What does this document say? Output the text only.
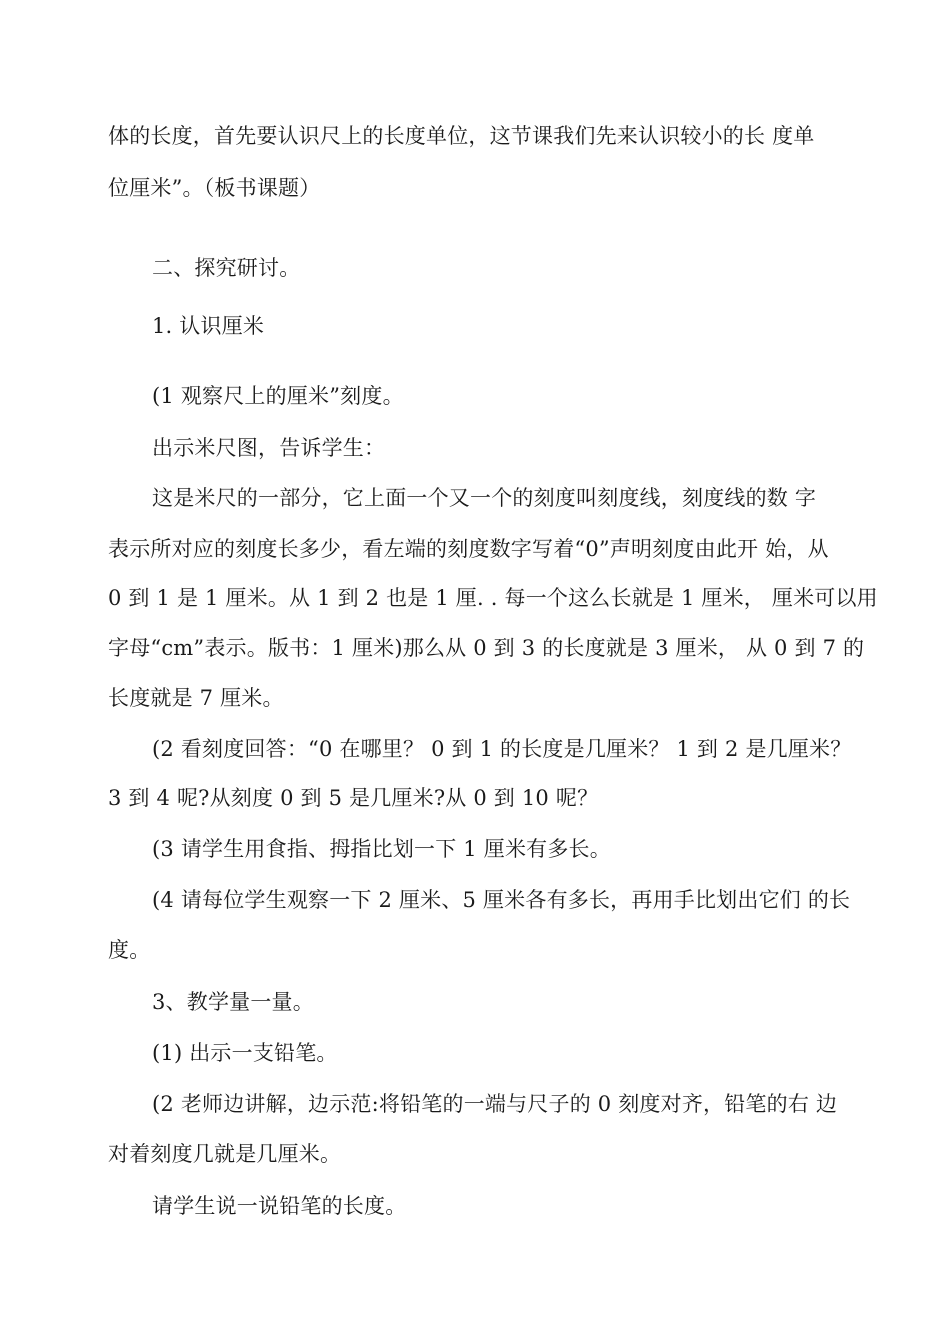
体的长度，首先要认识尺上的长度单位，这节课我们先来认识较小的长 度单
位厘米”。（板书课题）
二、探究研讨。
1. 认识厘米
(1 观察尺上的厘米”刻度。
出示米尺图，告诉学生：
这是米尺的一部分，它上面一个又一个的刻度叫刻度线，刻度线的数 字
表示所对应的刻度长多少，看左端的刻度数字写着“0”声明刻度由此开 始，从
0 到 1 是 1 厘米。从 1 到 2 也是 1 厘. . 每一个这么长就是 1 厘米， 厘米可以用
字母“cm”表示。版书：1 厘米)那么从 0 到 3 的长度就是 3 厘米， 从 0 到 7 的
长度就是 7 厘米。
(2 看刻度回答：“0 在哪里？ 0 到 1 的长度是几厘米？ 1 到 2 是几厘米？
3 到 4 呢?从刻度 0 到 5 是几厘米?从 0 到 10 呢？
(3 请学生用食指、拇指比划一下 1 厘米有多长。
(4 请每位学生观察一下 2 厘米、5 厘米各有多长，再用手比划出它们 的长
度。
3、教学量一量。
(1) 出示一支铅笔。
(2 老师边讲解，边示范:将铅笔的一端与尺子的 0 刻度对齐，铅笔的右 边
对着刻度几就是几厘米。
请学生说一说铅笔的长度。
